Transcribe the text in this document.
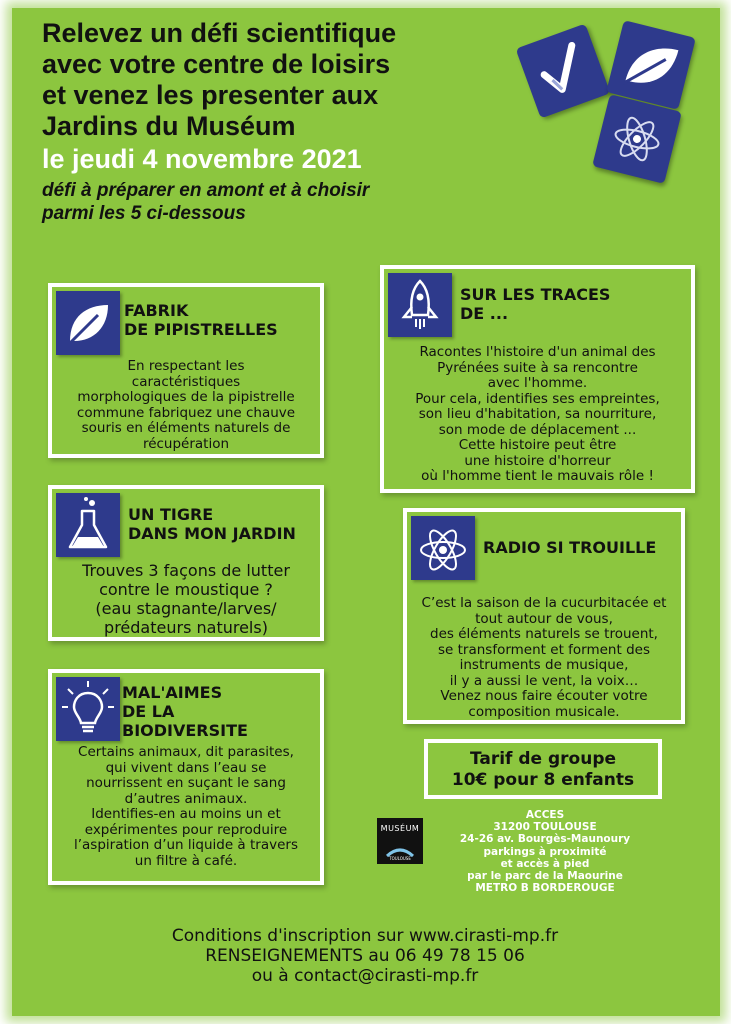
Relevez un défi scientifique
avec votre centre de loisirs
et venez les presenter aux
Jardins du Muséum
le jeudi 4 novembre 2021
défi à préparer en amont et à choisir
parmi les 5 ci-dessous
FABRIK
DE PIPISTRELLES
En respectant les
caractéristiques
morphologiques de la pipistrelle
commune fabriquez une chauve
souris en éléments naturels de
récupération
SUR LES TRACES
DE ...
Racontes l'histoire d'un animal des
Pyrénées suite à sa rencontre
avec l'homme.
Pour cela, identifies ses empreintes,
son lieu d'habitation, sa nourriture,
son mode de déplacement ...
Cette histoire peut être
une histoire d'horreur
où l'homme tient le mauvais rôle !
UN TIGRE
DANS MON JARDIN
Trouves 3 façons de lutter
contre le moustique ?
(eau stagnante/larves/
prédateurs naturels)
RADIO SI TROUILLE
C’est la saison de la cucurbitacée et
tout autour de vous,
des éléments naturels se trouent,
se transforment et forment des
instruments de musique,
il y a aussi le vent, la voix…
Venez nous faire écouter votre
composition musicale.
MAL'AIMES
DE LA
BIODIVERSITE
Certains animaux, dit parasites,
qui vivent dans l’eau se
nourrissent en suçant le sang
d’autres animaux.
Identifies-en au moins un et
expérimentes pour reproduire
l’aspiration d’un liquide à travers
un filtre à café.
Tarif de groupe
10€ pour 8 enfants
MUSÉUM
TOULOUSE
ACCES
31200 TOULOUSE
24-26 av. Bourgès-Maunoury
parkings à proximité
et accès à pied
par le parc de la Maourine
METRO B BORDEROUGE
Conditions d'inscription sur www.cirasti-mp.fr
RENSEIGNEMENTS au 06 49 78 15 06
ou à contact@cirasti-mp.fr
